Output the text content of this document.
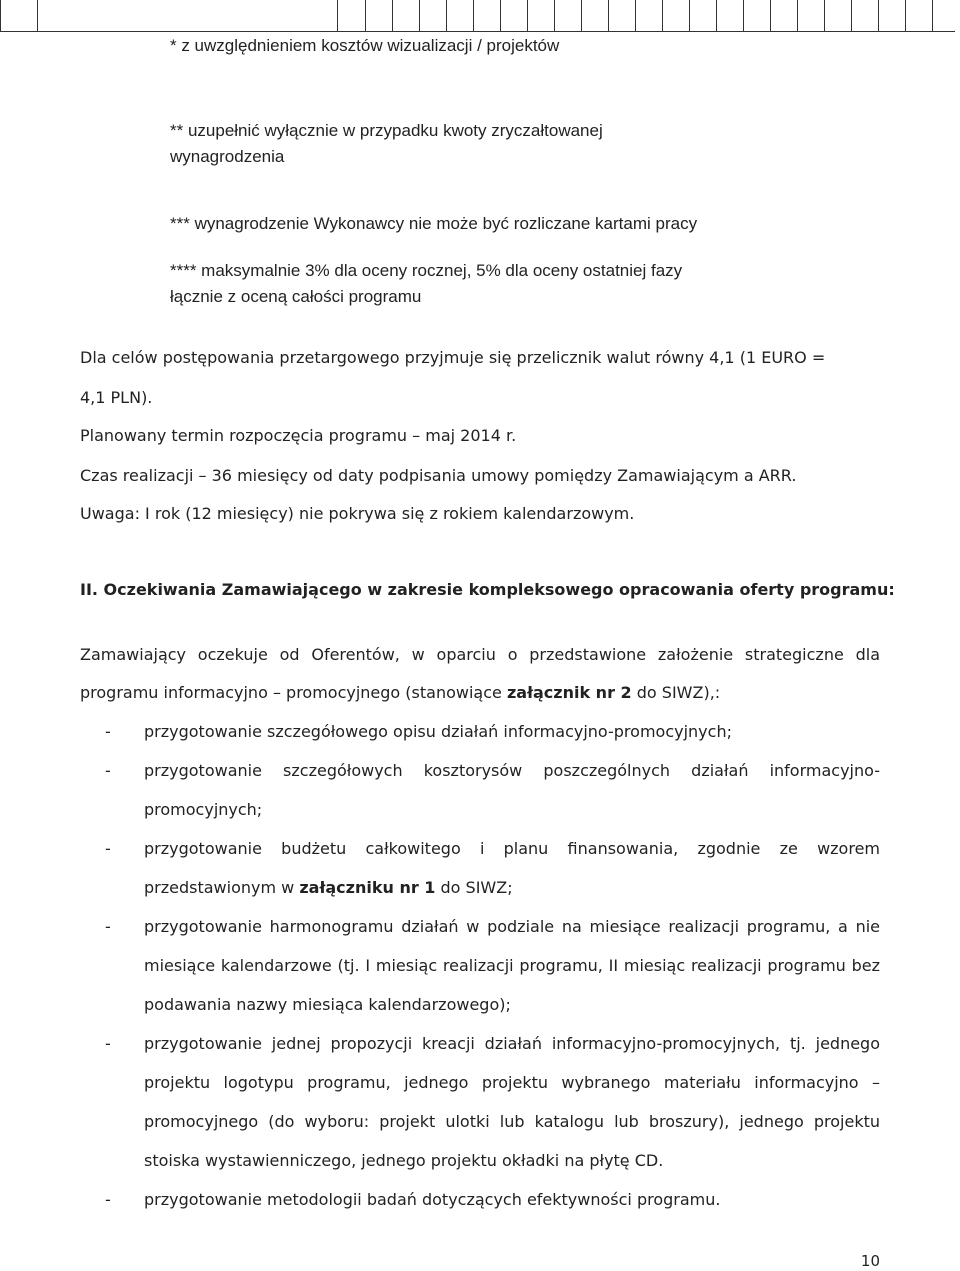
* z uwzględnieniem kosztów wizualizacji / projektów

** uzupełnić wyłącznie w przypadku kwoty zryczałtowanej

wynagrodzenia

*** wynagrodzenie Wykonawcy nie może być rozliczane kartami pracy

**** maksymalnie 3% dla oceny rocznej, 5% dla oceny ostatniej fazy

łącznie z oceną całości programu

Dla celów postępowania przetargowego przyjmuje się przelicznik walut równy 4,1 (1 EURO =

4,1 PLN).

Planowany termin rozpoczęcia programu – maj 2014 r.

Czas realizacji – 36 miesięcy od daty podpisania umowy pomiędzy Zamawiającym a ARR.

Uwaga: I rok (12 miesięcy) nie pokrywa się z rokiem kalendarzowym.

II. Oczekiwania Zamawiającego w zakresie kompleksowego opracowania oferty programu:

Zamawiający oczekuje od Oferentów, w oparciu o przedstawione założenie strategiczne dla programu informacyjno – promocyjnego (stanowiące załącznik nr 2 do SIWZ),:

- przygotowanie szczegółowego opisu działań informacyjno-promocyjnych;
- przygotowanie szczegółowych kosztorysów poszczególnych działań informacyjno-promocyjnych;
- przygotowanie budżetu całkowitego i planu finansowania, zgodnie ze wzorem przedstawionym w załączniku nr 1 do SIWZ;
- przygotowanie harmonogramu działań w podziale na miesiące realizacji programu, a nie miesiące kalendarzowe (tj. I miesiąc realizacji programu, II miesiąc realizacji programu bez podawania nazwy miesiąca kalendarzowego);
- przygotowanie jednej propozycji kreacji działań informacyjno-promocyjnych, tj. jednego projektu logotypu programu, jednego projektu wybranego materiału informacyjno – promocyjnego (do wyboru: projekt ulotki lub katalogu lub broszury), jednego projektu stoiska wystawienniczego, jednego projektu okładki na płytę CD.
- przygotowanie metodologii badań dotyczących efektywności programu.
10
